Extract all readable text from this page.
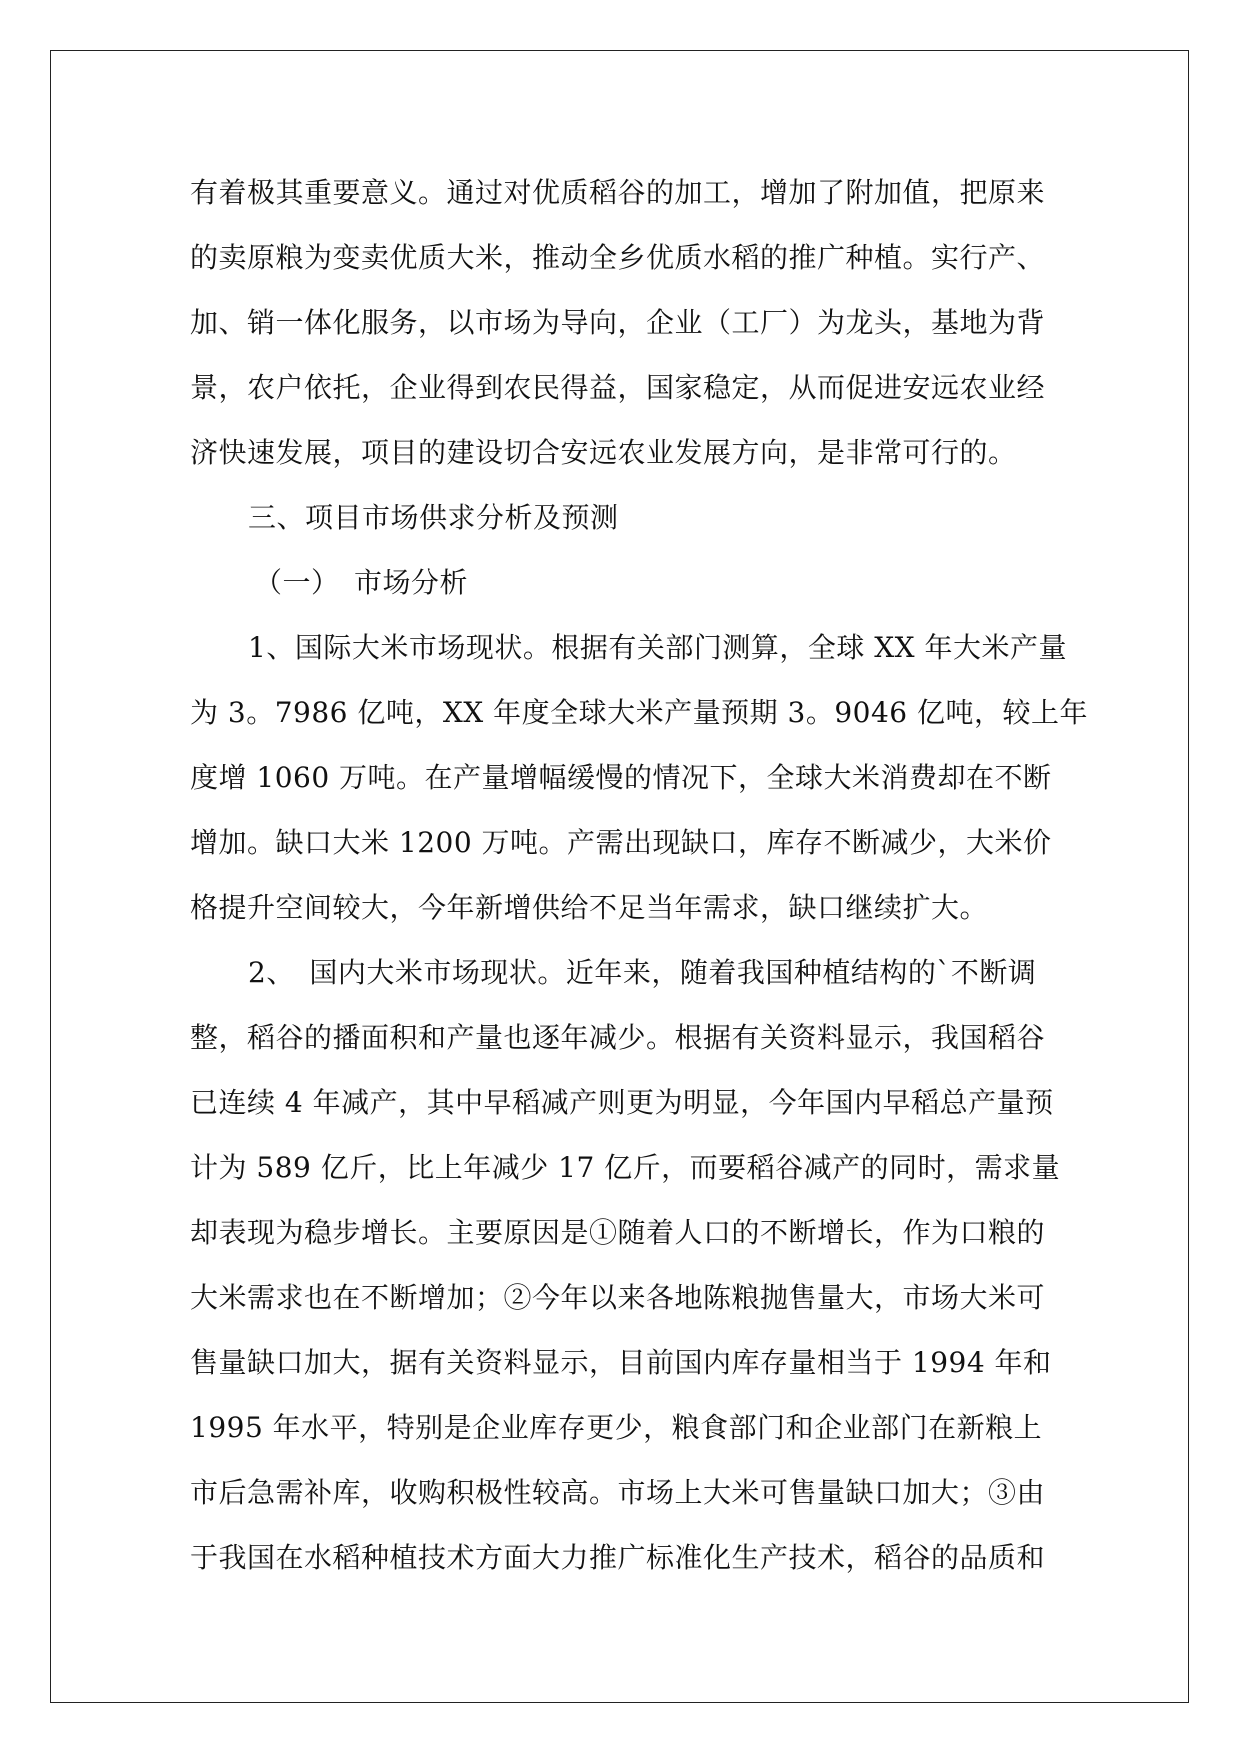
有着极其重要意义。通过对优质稻谷的加工，增加了附加值，把原来
的卖原粮为变卖优质大米，推动全乡优质水稻的推广种植。实行产、
加、销一体化服务，以市场为导向，企业（工厂）为龙头，基地为背
景，农户依托，企业得到农民得益，国家稳定，从而促进安远农业经
济快速发展，项目的建设切合安远农业发展方向，是非常可行的。
三、项目市场供求分析及预测
（一）　市场分析
1、国际大米市场现状。根据有关部门测算，全球 XX 年大米产量
为 3。7986 亿吨，XX 年度全球大米产量预期 3。9046 亿吨，较上年
度增 1060 万吨。在产量增幅缓慢的情况下，全球大米消费却在不断
增加。缺口大米 1200 万吨。产需出现缺口，库存不断减少，大米价
格提升空间较大，今年新增供给不足当年需求，缺口继续扩大。
2、　国内大米市场现状。近年来，随着我国种植结构的`不断调
整，稻谷的播面积和产量也逐年减少。根据有关资料显示，我国稻谷
已连续 4 年减产，其中早稻减产则更为明显，今年国内早稻总产量预
计为 589 亿斤，比上年减少 17 亿斤，而要稻谷减产的同时，需求量
却表现为稳步增长。主要原因是①随着人口的不断增长，作为口粮的
大米需求也在不断增加；②今年以来各地陈粮抛售量大，市场大米可
售量缺口加大，据有关资料显示，目前国内库存量相当于 1994 年和
1995 年水平，特别是企业库存更少，粮食部门和企业部门在新粮上
市后急需补库，收购积极性较高。市场上大米可售量缺口加大；③由
于我国在水稻种植技术方面大力推广标准化生产技术，稻谷的品质和
